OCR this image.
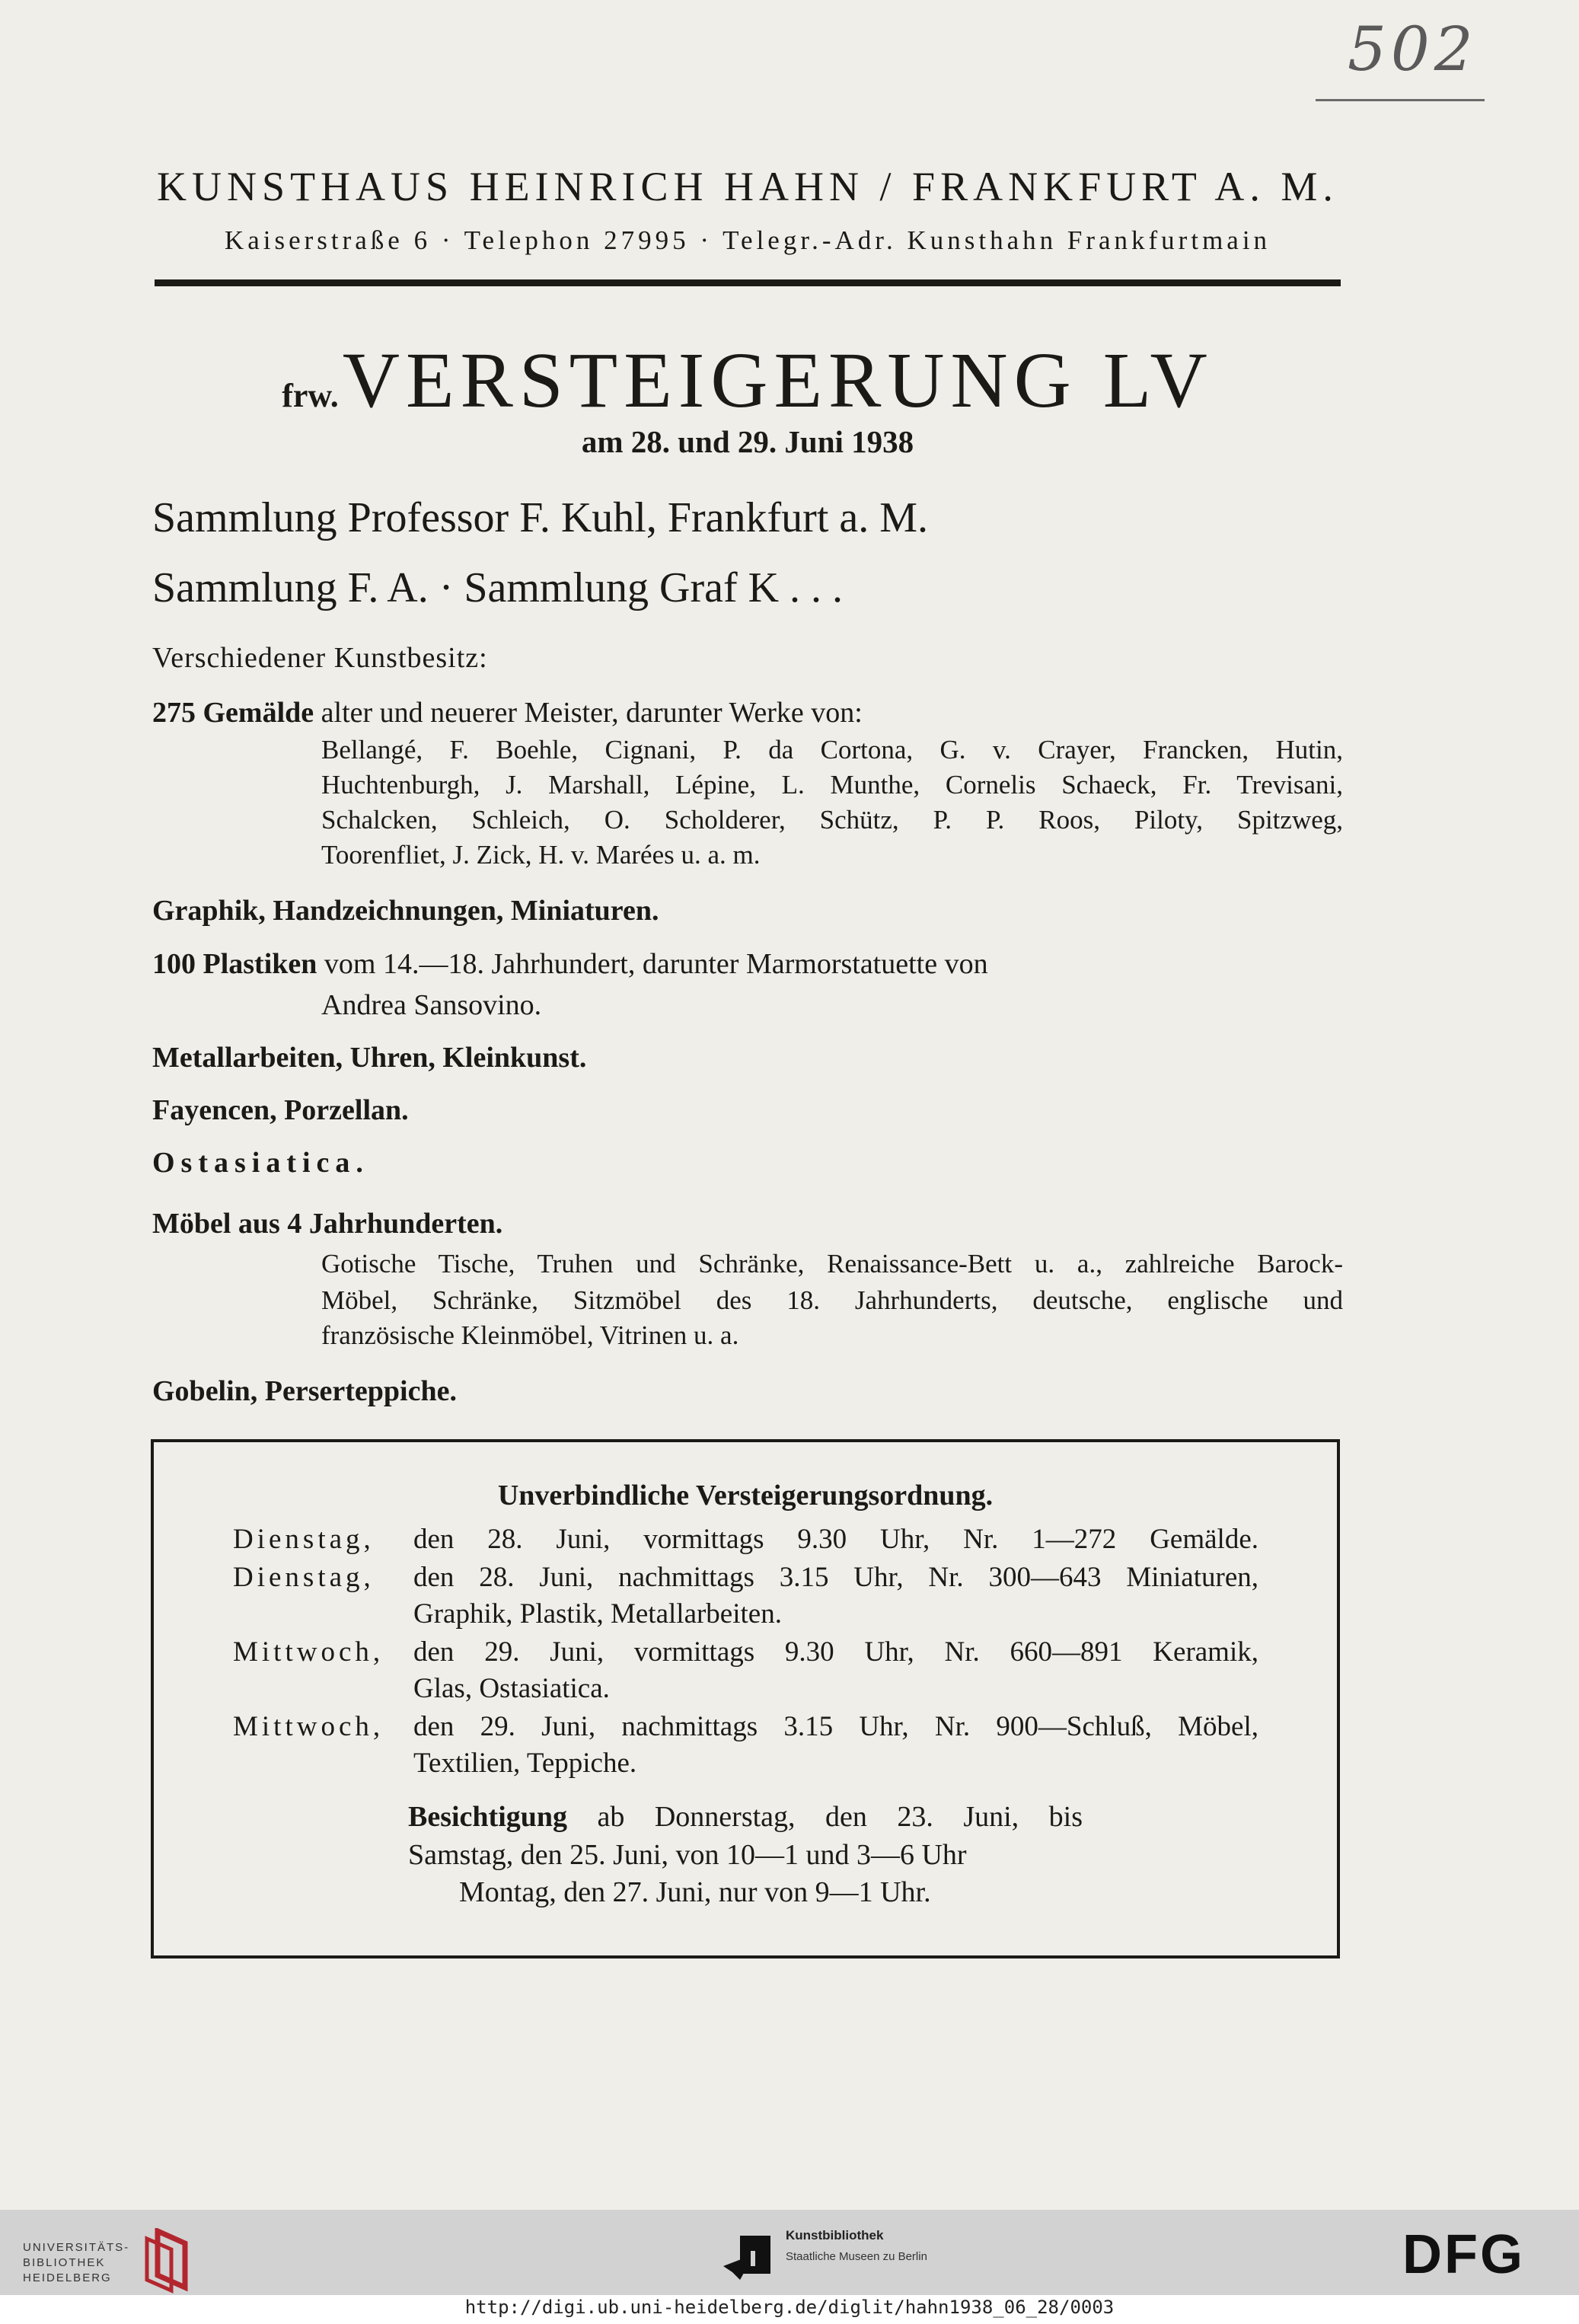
502
KUNSTHAUS HEINRICH HAHN / FRANKFURT A. M.
Kaiserstraße 6 · Telephon 27995 · Telegr.-Adr. Kunsthahn Frankfurtmain
frw. VERSTEIGERUNG LV
am 28. und 29. Juni 1938
Sammlung Professor F. Kuhl, Frankfurt a. M.
Sammlung F. A. · Sammlung Graf K . . .
Verschiedener Kunstbesitz:
275 Gemälde alter und neuerer Meister, darunter Werke von:
Bellangé, F. Boehle, Cignani, P. da Cortona, G. v. Crayer, Francken, Hutin,
Huchtenburgh, J. Marshall, Lépine, L. Munthe, Cornelis Schaeck, Fr. Trevisani,
Schalcken, Schleich, O. Scholderer, Schütz, P. P. Roos, Piloty, Spitzweg,
Toorenfliet, J. Zick, H. v. Marées u. a. m.
Graphik, Handzeichnungen, Miniaturen.
100 Plastiken vom 14.—18. Jahrhundert, darunter Marmorstatuette von
Andrea Sansovino.
Metallarbeiten, Uhren, Kleinkunst.
Fayencen, Porzellan.
Ostasiatica.
Möbel aus 4 Jahrhunderten.
Gotische Tische, Truhen und Schränke, Renaissance-Bett u. a., zahlreiche Barock-
Möbel, Schränke, Sitzmöbel des 18. Jahrhunderts, deutsche, englische und
französische Kleinmöbel, Vitrinen u. a.
Gobelin, Perserteppiche.
Unverbindliche Versteigerungsordnung.
Dienstag, den 28. Juni, vormittags 9.30 Uhr, Nr. 1—272 Gemälde.
Dienstag, den 28. Juni, nachmittags 3.15 Uhr, Nr. 300—643 Miniaturen,
Graphik, Plastik, Metallarbeiten.
Mittwoch, den 29. Juni, vormittags 9.30 Uhr, Nr. 660—891 Keramik,
Glas, Ostasiatica.
Mittwoch, den 29. Juni, nachmittags 3.15 Uhr, Nr. 900—Schluß, Möbel,
Textilien, Teppiche.
Besichtigung ab Donnerstag, den 23. Juni, bis
Samstag, den 25. Juni, von 10—1 und 3—6 Uhr
Montag, den 27. Juni, nur von 9—1 Uhr.
UNIVERSITÄTS-
BIBLIOTHEK
HEIDELBERG
Kunstbibliothek
Staatliche Museen zu Berlin	DFG
http://digi.ub.uni-heidelberg.de/diglit/hahn1938_06_28/0003
